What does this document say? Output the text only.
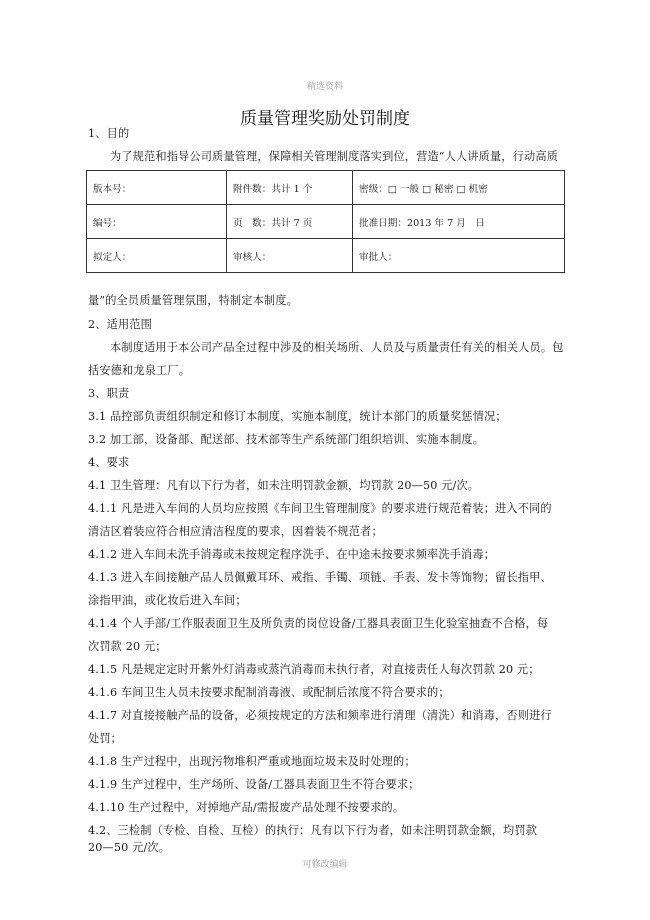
精选资料
质量管理奖励处罚制度
1、目的
为了规范和指导公司质量管理，保障相关管理制度落实到位，营造“人人讲质量，行动高质
版本号：	附件数：共计 1 个	密级：□ 一般 □ 秘密 □ 机密
编号：	页　数：共计 7 页	批准日期：2013 年 7 月　日
拟定人：	审核人：	审批人：
量”的全员质量管理氛围，特制定本制度。
2、适用范围
本制度适用于本公司产品全过程中涉及的相关场所、人员及与质量责任有关的相关人员。包
括安德和龙泉工厂。
3、职责
3.1 品控部负责组织制定和修订本制度，实施本制度，统计本部门的质量奖惩情况；
3.2 加工部，设备部、配送部、技术部等生产系统部门组织培训、实施本制度。
4、要求
4.1 卫生管理：凡有以下行为者，如未注明罚款金额，均罚款 20—50 元/次。
4.1.1 凡是进入车间的人员均应按照《车间卫生管理制度》的要求进行规范着装；进入不同的
清洁区着装应符合相应清洁程度的要求，因着装不规范者；
4.1.2 进入车间未洗手消毒或未按规定程序洗手、在中途未按要求频率洗手消毒；
4.1.3 进入车间接触产品人员佩戴耳环、戒指、手镯、项链、手表、发卡等饰物；留长指甲、
涂指甲油，或化妆后进入车间；
4.1.4 个人手部/工作服表面卫生及所负责的岗位设备/工器具表面卫生化验室抽查不合格，每
次罚款 20 元；
4.1.5 凡是规定定时开紫外灯消毒或蒸汽消毒而未执行者，对直接责任人每次罚款 20 元；
4.1.6 车间卫生人员未按要求配制消毒液、或配制后浓度不符合要求的；
4.1.7 对直接接触产品的设备，必须按规定的方法和频率进行清理（清洗）和消毒，否则进行
处罚；
4.1.8 生产过程中，出现污物堆积严重或地面垃圾未及时处理的；
4.1.9 生产过程中，生产场所、设备/工器具表面卫生不符合要求；
4.1.10 生产过程中，对掉地产品/需报废产品处理不按要求的。
4.2、三检制（专检、自检、互检）的执行：凡有以下行为者，如未注明罚款金额，均罚款
20—50 元/次。
可修改编辑
